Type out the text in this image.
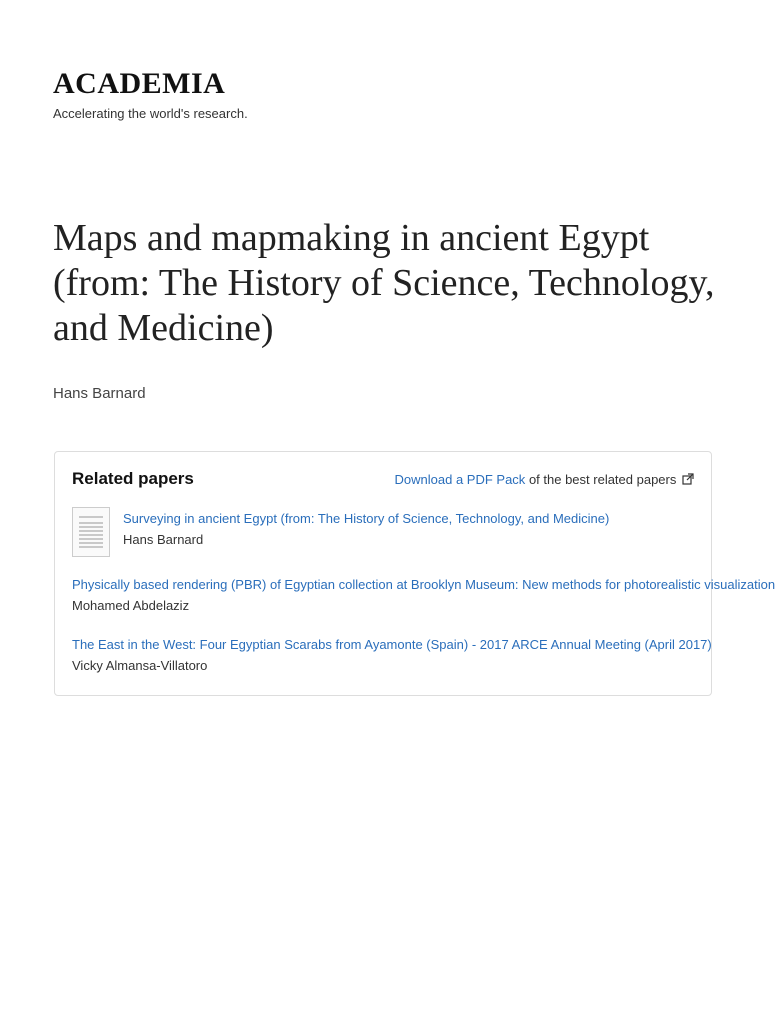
ACADEMIA
Accelerating the world's research.
Maps and mapmaking in ancient Egypt (from: The History of Science, Technology, and Medicine)
Hans Barnard
Related papers	Download a PDF Pack of the best related papers
Surveying in ancient Egypt (from: The History of Science, Technology, and Medicine)
Hans Barnard
Physically based rendering (PBR) of Egyptian collection at Brooklyn Museum: New methods for photorealistic visualization
Mohamed Abdelaziz
The East in the West: Four Egyptian Scarabs from Ayamonte (Spain) - 2017 ARCE Annual Meeting (April 2017)
Vicky Almansa-Villatoro
